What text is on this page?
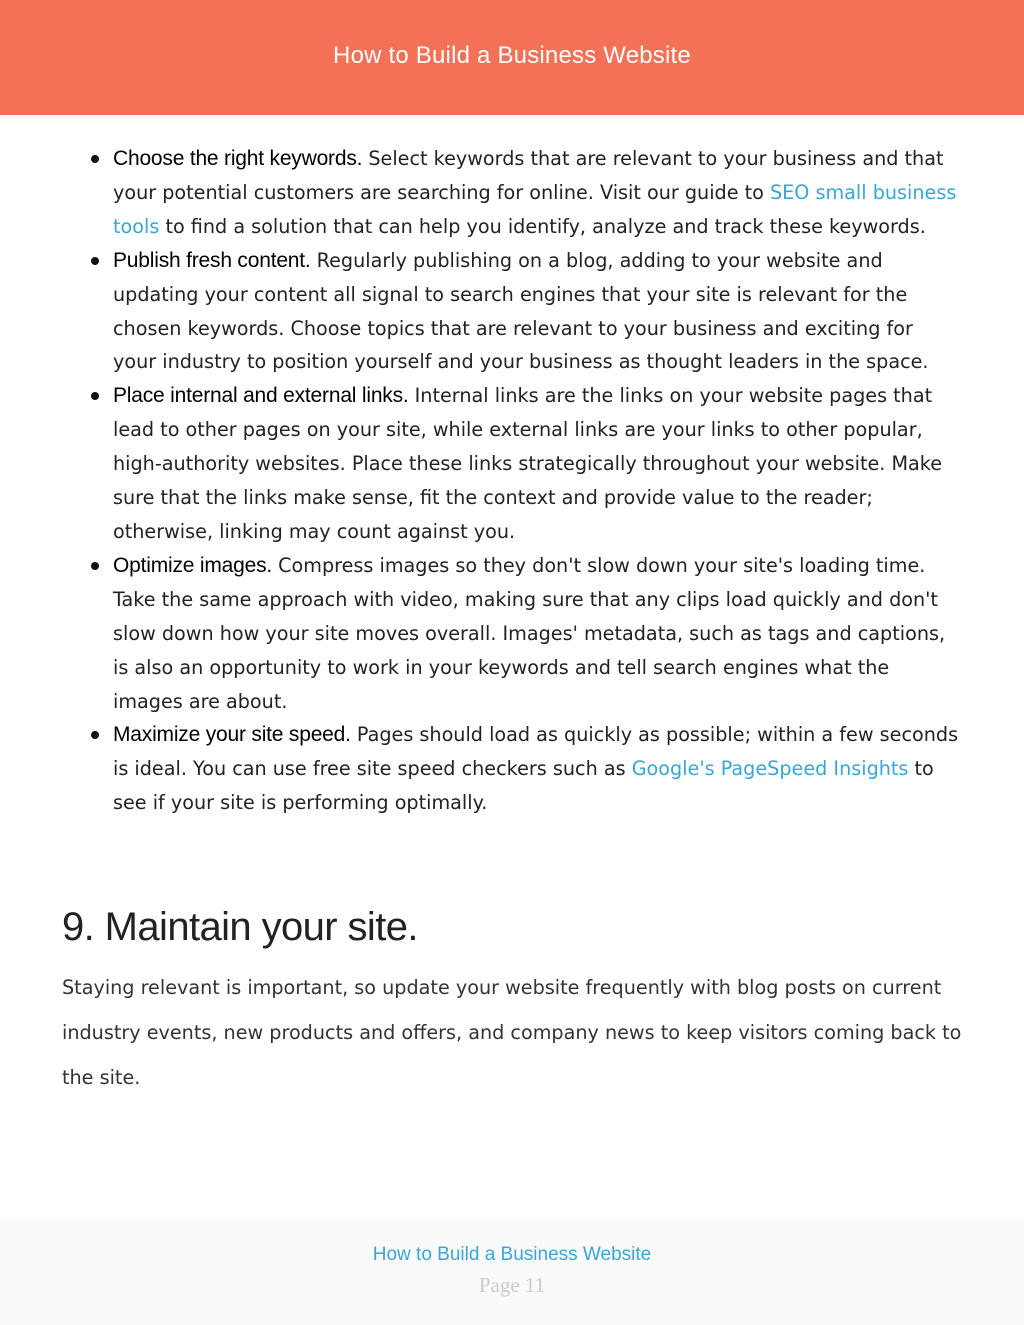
How to Build a Business Website
Choose the right keywords. Select keywords that are relevant to your business and that your potential customers are searching for online. Visit our guide to SEO small business tools to find a solution that can help you identify, analyze and track these keywords.
Publish fresh content. Regularly publishing on a blog, adding to your website and updating your content all signal to search engines that your site is relevant for the chosen keywords. Choose topics that are relevant to your business and exciting for your industry to position yourself and your business as thought leaders in the space.
Place internal and external links. Internal links are the links on your website pages that lead to other pages on your site, while external links are your links to other popular, high-authority websites. Place these links strategically throughout your website. Make sure that the links make sense, fit the context and provide value to the reader; otherwise, linking may count against you.
Optimize images. Compress images so they don't slow down your site's loading time. Take the same approach with video, making sure that any clips load quickly and don't slow down how your site moves overall. Images' metadata, such as tags and captions, is also an opportunity to work in your keywords and tell search engines what the images are about.
Maximize your site speed. Pages should load as quickly as possible; within a few seconds is ideal. You can use free site speed checkers such as Google's PageSpeed Insights to see if your site is performing optimally.
9. Maintain your site.

Staying relevant is important, so update your website frequently with blog posts on current industry events, new products and offers, and company news to keep visitors coming back to the site.

How to Build a Business Website
Page 11
